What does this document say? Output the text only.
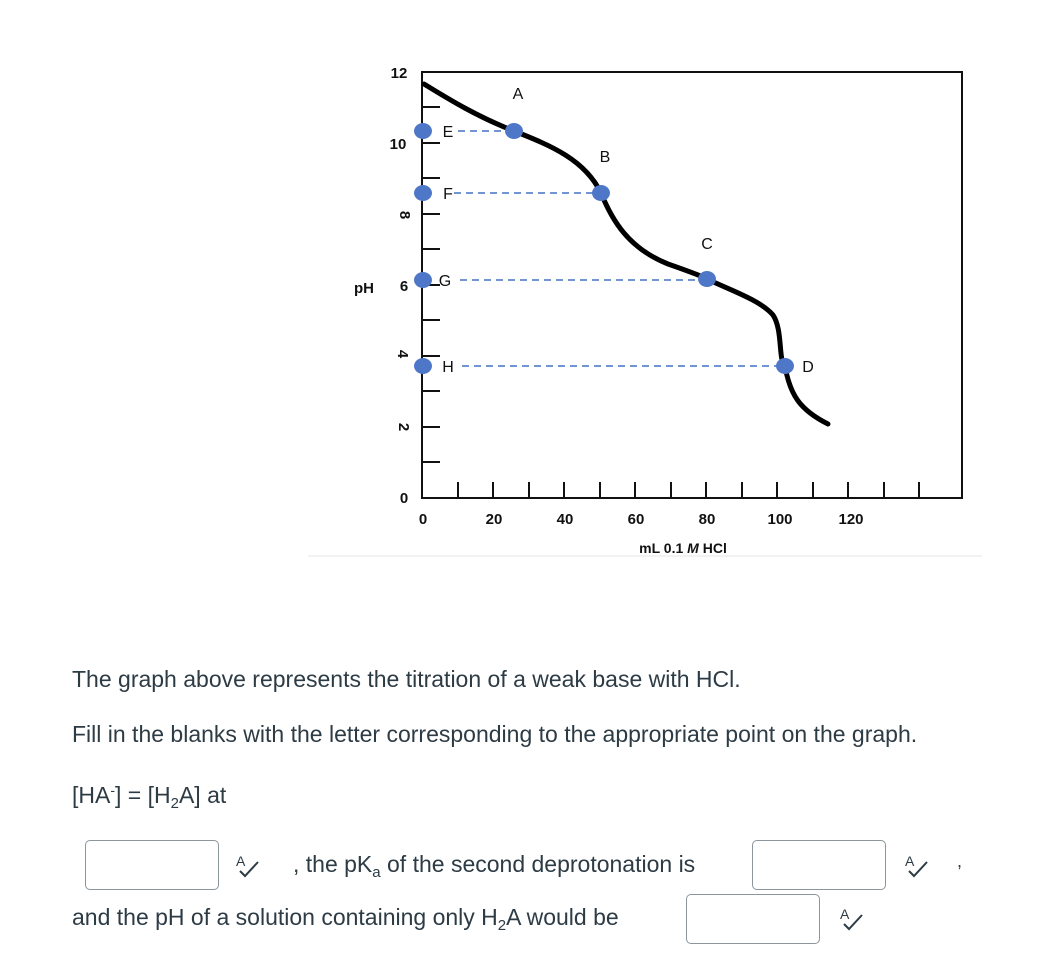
pH
12
10
8
6
4
2
0
0	20	40	60	80	100	120
mL 0.1 M HCl
A
B
C
D
E
F
G
H
The graph above represents the titration of a weak base with HCl.
Fill in the blanks with the letter corresponding to the appropriate point on the graph.
$[HA^-] = [H_2A]$ at
A , the $pK_a$ of the second deprotonation is	A ,
and the pH of a solution containing only $H_2A$ would be	A
